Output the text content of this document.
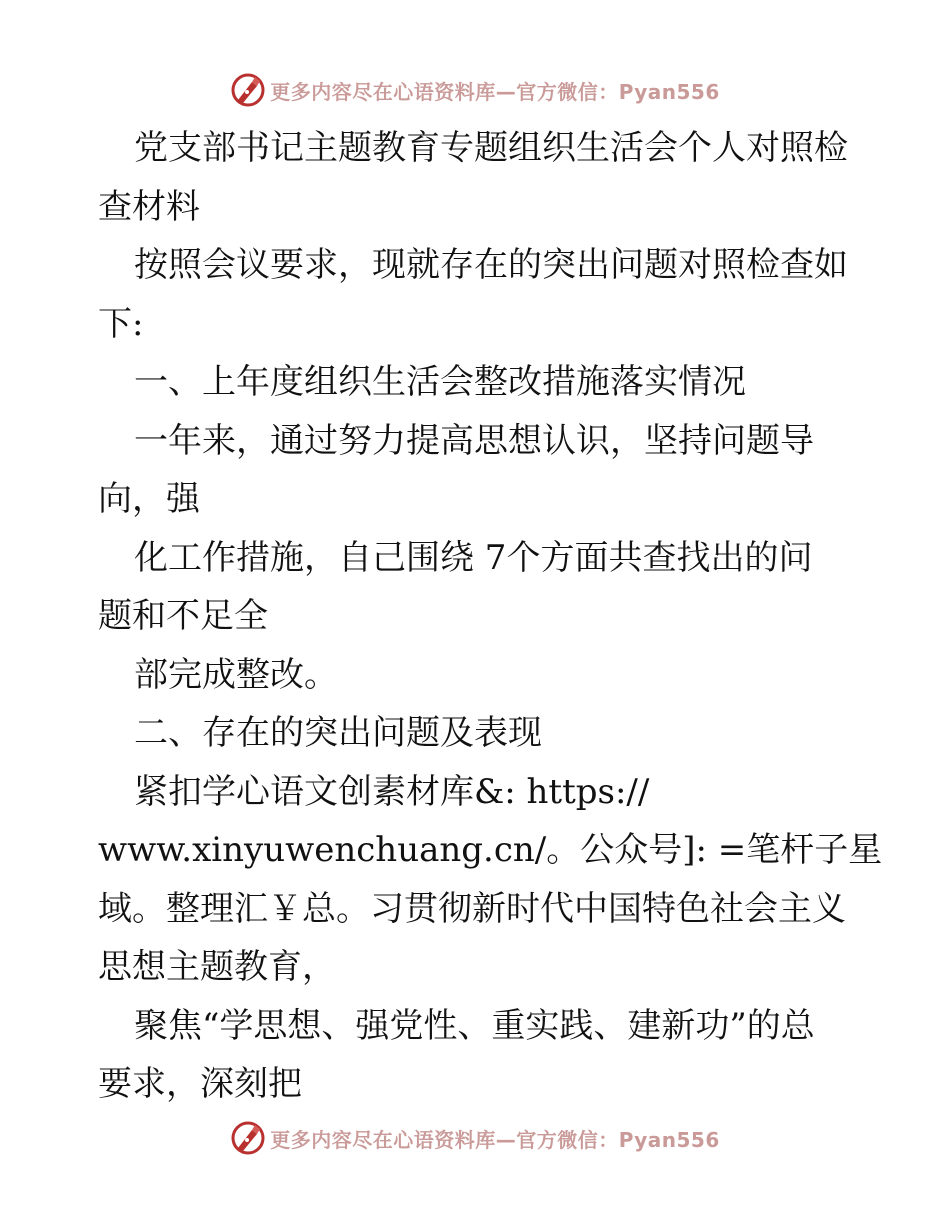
更多内容尽在心语资料库—官方微信：Pyan556
党支部书记主题教育专题组织生活会个人对照检
查材料
按照会议要求，现就存在的突出问题对照检查如
下:
一、上年度组织生活会整改措施落实情况
一年来，通过努力提高思想认识，坚持问题导
向，强
化工作措施，自己围绕 7个方面共查找出的问
题和不足全
部完成整改。
二、存在的突出问题及表现
紧扣学心语文创素材库&: https://
www.xinyuwenchuang.cn/。公众号]: =笔杆子星
域。整理汇￥总。习贯彻新时代中国特色社会主义
思想主题教育，
聚焦“学思想、强党性、重实践、建新功”的总
要求，深刻把
更多内容尽在心语资料库—官方微信：Pyan556
